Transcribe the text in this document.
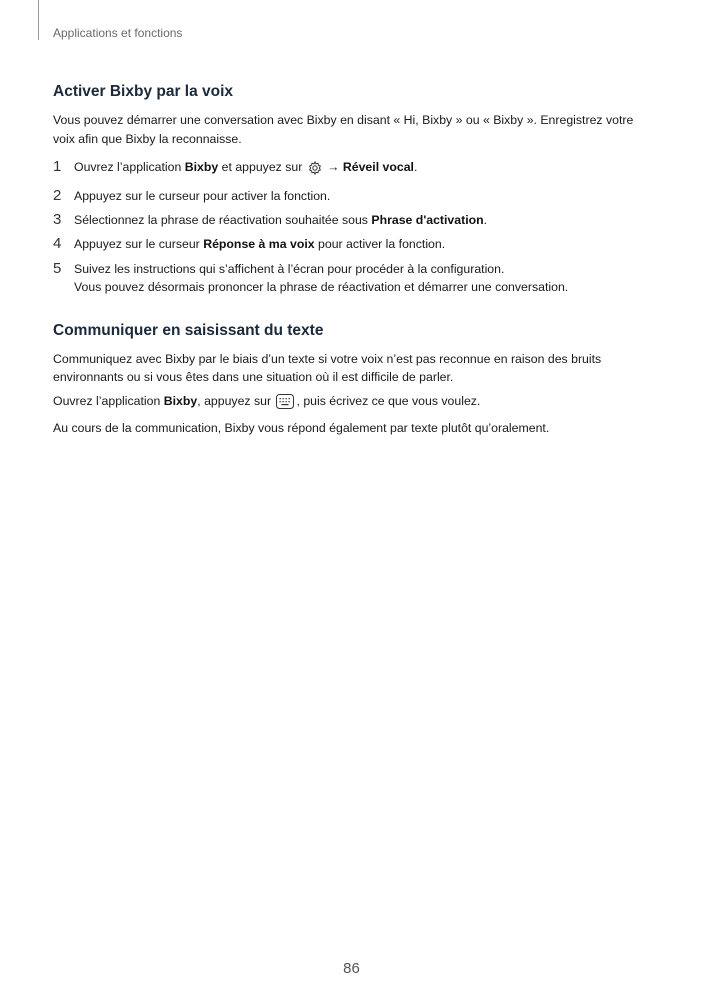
Applications et fonctions
Activer Bixby par la voix

Vous pouvez démarrer une conversation avec Bixby en disant « Hi, Bixby » ou « Bixby ». Enregistrez votre voix afin que Bixby la reconnaisse.

1 Ouvrez l’application Bixby et appuyez sur  → Réveil vocal.
2 Appuyez sur le curseur pour activer la fonction.
3 Sélectionnez la phrase de réactivation souhaitée sous Phrase d'activation.
4 Appuyez sur le curseur Réponse à ma voix pour activer la fonction.
5 Suivez les instructions qui s’affichent à l’écran pour procéder à la configuration.
Vous pouvez désormais prononcer la phrase de réactivation et démarrer une conversation.
Communiquer en saisissant du texte

Communiquez avec Bixby par le biais d’un texte si votre voix n’est pas reconnue en raison des bruits environnants ou si vous êtes dans une situation où il est difficile de parler.

Ouvrez l’application Bixby, appuyez sur , puis écrivez ce que vous voulez.

Au cours de la communication, Bixby vous répond également par texte plutôt qu’oralement.

86
